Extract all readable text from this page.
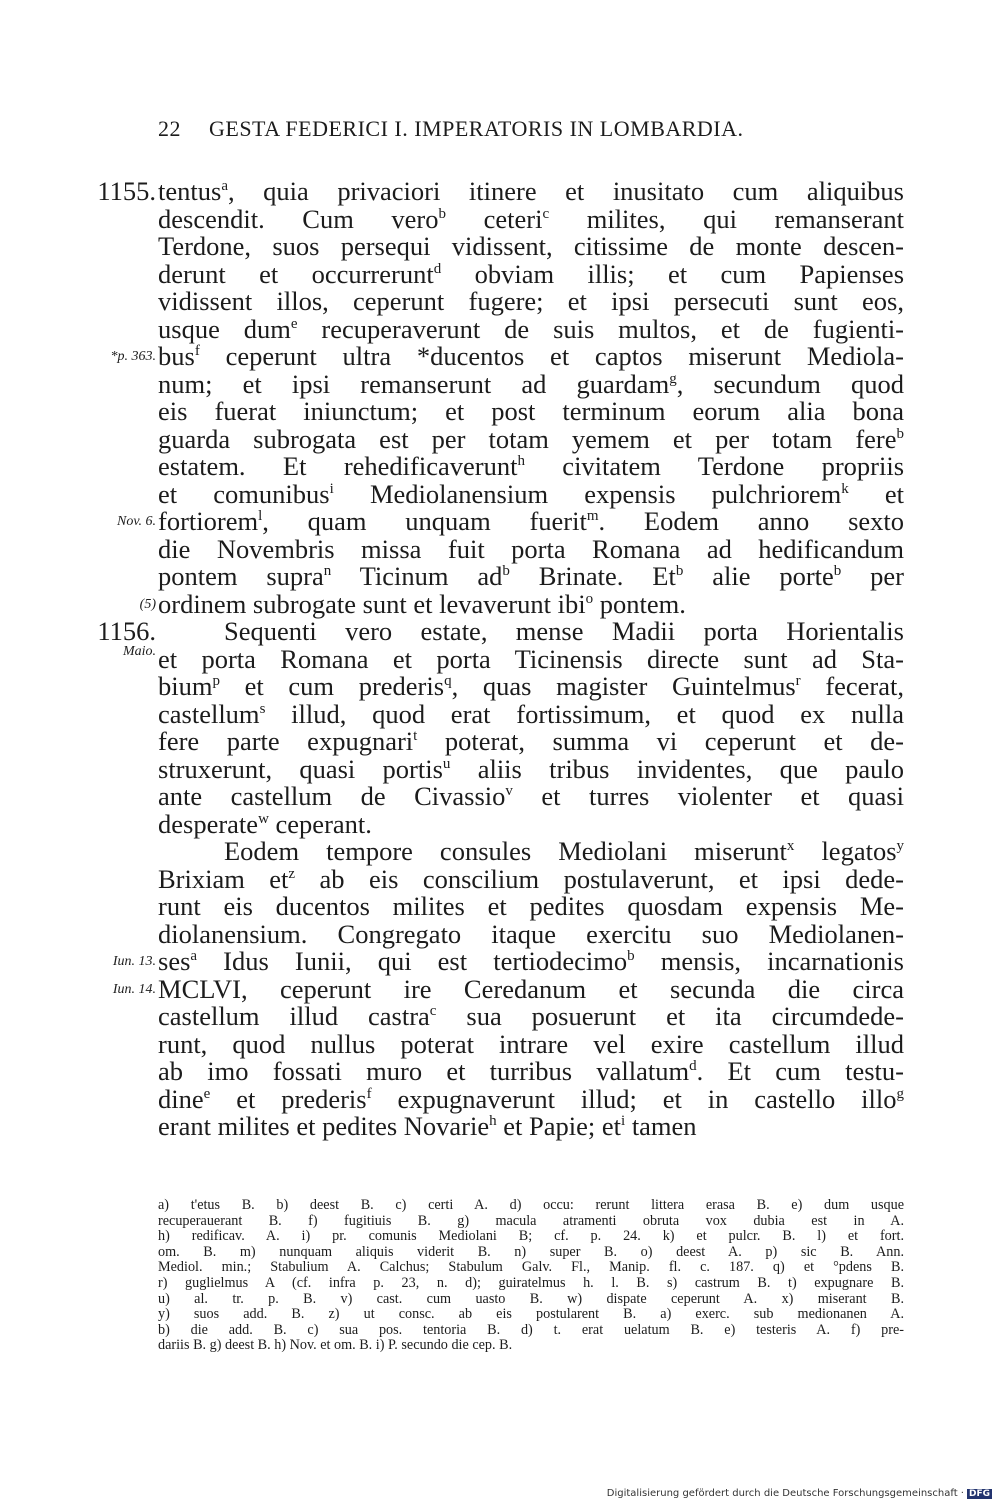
22 GESTA FEDERICI I. IMPERATORIS IN LOMBARDIA.
1155. tentus$^a$, quia privaciori itinere et inusitato cum aliquibus
descendit. Cum vero$^b$ ceteri$^c$ milites, qui remanserant
Terdone, suos persequi vidissent, citissime de monte descen-
derunt et occurrerunt$^d$ obviam illis; et cum Papienses
vidissent illos, ceperunt fugere; et ipsi persecuti sunt eos,
usque dum$^e$ recuperaverunt de suis multos, et de fugienti-
*p. 363. bus$^f$ ceperunt ultra *ducentos et captos miserunt Mediola-
num; et ipsi remanserunt ad guardam$^g$, secundum quod
eis fuerat iniunctum; et post terminum eorum alia bona
guarda subrogata est per totam yemem et per totam fere$^b$
estatem. Et rehedificaverunt$^h$ civitatem Terdone propriis
et comunibus$^i$ Mediolanensium expensis pulchriorem$^k$ et
Nov. 6. fortiorem$^l$, quam unquam fuerit$^m$. Eodem anno sexto
die Novembris missa fuit porta Romana ad hedificandum
pontem supra$^n$ Ticinum $ad^b$ Brinate. Et$^b$ alie porte$^b$ per
(5) ordinem subrogate sunt et levaverunt ibi$^o$ pontem.
1156.	Sequenti vero estate, mense Madii porta Horientalis
Maio. et porta Romana et porta Ticinensis directe sunt ad Sta-
bium$^p$ et cum prederis$^q$, quas magister Guintelmus$^r$ fecerat,
castellum$^s$ illud, quod erat fortissimum, et quod ex nulla
fere parte expugnari$^t$ poterat, summa vi ceperunt et de-
struxerunt, quasi portis$^u$ aliis tribus invidentes, que paulo
ante castellum de Civassio$^v$ et turres violenter et quasi
desperate$^w$ ceperant.
Eodem tempore consules Mediolani miserunt$^x$ legatos$^y$
Brixiam $et^z$ ab eis conscilium postulaverunt, et ipsi dede-
runt eis ducentos milites et pedites quosdam expensis Me-
diolanensium. Congregato itaque exercitu suo Mediolanen-
Iun. 13. ses$^a$ Idus Iunii, qui est tertiodecimo$^b$ mensis, incarnationis
Iun. 14. MCLVI, ceperunt ire Ceredanum et secunda die circa
castellum illud castra$^c$ sua posuerunt et ita circumdede-
runt, quod nullus poterat intrare vel exire castellum illud
ab imo fossati muro et turribus vallatum$^d$. Et cum testu-
dine$^e$ et prederis$^f$ expugnaverunt illud; et in castello illo$^g$
erant milites et pedites Novarie$^h$ et Papie; $et^i$ tamen
a) t'etus B. b) deest B. c) certi A. d) occu: rerunt littera erasa B. e) dum usque
recuperauerant B. f) fugitiuis B. g) macula atramenti obruta vox dubia est in A.
h) redificav. A. i) pr. comunis Mediolani B; cf. p. 24. k) et pulcr. B. l) et fort.
om. B. m) nunquam aliquis viderit B. n) super B. o) deest A. p) sic B. Ann.
Mediol. min.; Stabulium A. Calchus; Stabulum Galv. Fl., Manip. fl. c. 187. q) et °pdens B.
r) guglielmus A (cf. infra p. 23, n. d); guiratelmus h. l. B. s) castrum B. t) expugnare B.
u) al. tr. p. B. v) cast. cum uasto B. w) dispate ceperunt A. x) miserant B.
y) suos add. B. z) ut consc. ab eis postularent B. a) exerc. sub medionanen A.
b) die add. B. c) sua pos. tentoria B. d) t. erat uelatum B. e) testeris A. f) pre-
dariis B. g) deest B. h) Nov. et om. B. i) P. secundo die cep. B.
Digitalisierung gefördert durch die Deutsche Forschungsgemeinschaft · DFG
